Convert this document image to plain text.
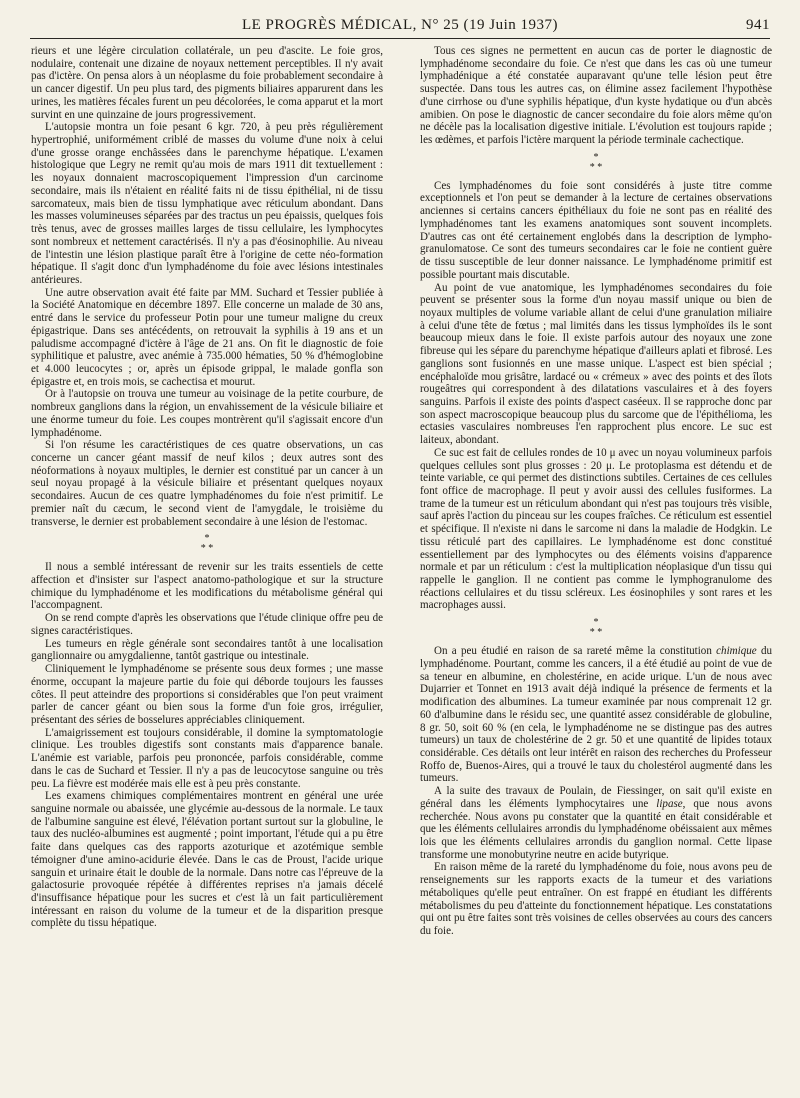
LE PROGRÈS MÉDICAL, N° 25 (19 Juin 1937)	941

rieurs et une légère circulation collatérale, un peu d'ascite. Le foie gros, nodulaire, contenait une dizaine de noyaux nettement perceptibles. Il n'y avait pas d'ictère. On pensa alors à un néoplasme du foie probablement secondaire à un cancer digestif. Un peu plus tard, des pigments biliaires apparurent dans les urines, les matières fécales furent un peu décolorées, le coma apparut et la mort survint en une quinzaine de jours progressivement.

L'autopsie montra un foie pesant 6 kgr. 720, à peu près régulièrement hypertrophié, uniformément criblé de masses du volume d'une noix à celui d'une grosse orange enchâssées dans le parenchyme hépatique. L'examen histologique que Legry ne remit qu'au mois de mars 1911 dit textuellement : les noyaux donnaient macroscopiquement l'impression d'un carcinome secondaire, mais ils n'étaient en réalité faits ni de tissu épithélial, ni de tissu sarcomateux, mais bien de tissu lymphatique avec réticulum abondant. Dans les masses volumineuses séparées par des tractus un peu épaissis, quelques fois très tenus, avec de grosses mailles larges de tissu cellulaire, les lymphocytes sont nombreux et nettement caractérisés. Il n'y a pas d'éosinophilie. Au niveau de l'intestin une lésion plastique paraît être à l'origine de cette néo-formation hépatique. Il s'agit donc d'un lymphadénome du foie avec lésions intestinales antérieures.

Une autre observation avait été faite par MM. Suchard et Tessier publiée à la Société Anatomique en décembre 1897. Elle concerne un malade de 30 ans, entré dans le service du professeur Potin pour une tumeur maligne du creux épigastrique. Dans ses antécédents, on retrouvait la syphilis à 19 ans et un paludisme accompagné d'ictère à l'âge de 21 ans. On fit le diagnostic de foie syphilitique et palustre, avec anémie à 735.000 hématies, 50 % d'hémoglobine et 4.000 leucocytes ; or, après un épisode grippal, le malade gonfla son épigastre et, en trois mois, se cachectisa et mourut.

Or à l'autopsie on trouva une tumeur au voisinage de la petite courbure, de nombreux ganglions dans la région, un envahissement de la vésicule biliaire et une énorme tumeur du foie. Les coupes montrèrent qu'il s'agissait encore d'un lymphadénome.

Si l'on résume les caractéristiques de ces quatre observations, un cas concerne un cancer géant massif de neuf kilos ; deux autres sont des néoformations à noyaux multiples, le dernier est constitué par un cancer à un seul noyau propagé à la vésicule biliaire et présentant quelques noyaux secondaires. Aucun de ces quatre lymphadénomes du foie n'est primitif. Le premier naît du cæcum, le second vient de l'amygdale, le troisième du transverse, le dernier est probablement secondaire à une lésion de l'estomac.

*
* *

Il nous a semblé intéressant de revenir sur les traits essentiels de cette affection et d'insister sur l'aspect anatomo-pathologique et sur la structure chimique du lymphadénome et les modifications du métabolisme général qui l'accompagnent.

On se rend compte d'après les observations que l'étude clinique offre peu de signes caractéristiques.

Les tumeurs en règle générale sont secondaires tantôt à une localisation ganglionnaire ou amygdalienne, tantôt gastrique ou intestinale.

Cliniquement le lymphadénome se présente sous deux formes ; une masse énorme, occupant la majeure partie du foie qui déborde toujours les fausses côtes. Il peut atteindre des proportions si considérables que l'on peut vraiment parler de cancer géant ou bien sous la forme d'un foie gros, irrégulier, présentant des séries de bosselures appréciables cliniquement.

L'amaigrissement est toujours considérable, il domine la symptomatologie clinique. Les troubles digestifs sont constants mais d'apparence banale. L'anémie est variable, parfois peu prononcée, parfois considérable, comme dans le cas de Suchard et Tessier. Il n'y a pas de leucocytose sanguine ou très peu. La fièvre est modérée mais elle est à peu près constante.

Les examens chimiques complémentaires montrent en général une urée sanguine normale ou abaissée, une glycémie au-dessous de la normale. Le taux de l'albumine sanguine est élevé, l'élévation portant surtout sur la globuline, le taux des nucléo-albumines est augmenté ; point important, l'étude qui a pu être faite dans quelques cas des rapports azoturique et azotémique semble témoigner d'une amino-acidurie élevée. Dans le cas de Proust, l'acide urique sanguin et urinaire était le double de la normale. Dans notre cas l'épreuve de la galactosurie provoquée répétée à différentes reprises n'a jamais décelé d'insuffisance hépatique pour les sucres et c'est là un fait particulièrement intéressant en raison du volume de la tumeur et de la disparition presque complète du tissu hépatique.

Tous ces signes ne permettent en aucun cas de porter le diagnostic de lymphadénome secondaire du foie. Ce n'est que dans les cas où une tumeur lymphadénique a été constatée auparavant qu'une telle lésion peut être suspectée. Dans tous les autres cas, on élimine assez facilement l'hypothèse d'une cirrhose ou d'une syphilis hépatique, d'un kyste hydatique ou d'un abcès amibien. On pose le diagnostic de cancer secondaire du foie alors même qu'on ne décèle pas la localisation digestive initiale. L'évolution est toujours rapide ; les œdèmes, et parfois l'ictère marquent la période terminale cachectique.

*
* *

Ces lymphadénomes du foie sont considérés à juste titre comme exceptionnels et l'on peut se demander à la lecture de certaines observations anciennes si certains cancers épithéliaux du foie ne sont pas en réalité des lymphadénomes tant les examens anatomiques sont souvent incomplets. D'autres cas ont été certainement englobés dans la description de lympho-granulomatose. Ce sont des tumeurs secondaires car le foie ne contient guère de tissu susceptible de leur donner naissance. Le lymphadénome primitif est possible pourtant mais discutable.

Au point de vue anatomique, les lymphadénomes secondaires du foie peuvent se présenter sous la forme d'un noyau massif unique ou bien de noyaux multiples de volume variable allant de celui d'une granulation miliaire à celui d'une tête de fœtus ; mal limités dans les tissus lymphoïdes ils le sont beaucoup mieux dans le foie. Il existe parfois autour des noyaux une zone fibreuse qui les sépare du parenchyme hépatique d'ailleurs aplati et fibrosé. Les ganglions sont fusionnés en une masse unique. L'aspect est bien spécial ; encéphaloïde mou grisâtre, lardacé ou « crémeux » avec des points et des îlots rougeâtres qui correspondent à des dilatations vasculaires et à des foyers sanguins. Parfois il existe des points d'aspect caséeux. Il se rapproche donc par son aspect macroscopique beaucoup plus du sarcome que de l'épithélioma, les ectasies vasculaires nombreuses l'en rapprochent plus encore. Le suc est laiteux, abondant.

Ce suc est fait de cellules rondes de 10 μ avec un noyau volumineux parfois quelques cellules sont plus grosses : 20 μ. Le protoplasma est détendu et de teinte variable, ce qui permet des distinctions subtiles. Certaines de ces cellules font office de macrophage. Il peut y avoir aussi des cellules fusiformes. La trame de la tumeur est un réticulum abondant qui n'est pas toujours très visible, sauf après l'action du pinceau sur les coupes fraîches. Ce réticulum est essentiel et spécifique. Il n'existe ni dans le sarcome ni dans la maladie de Hodgkin. Le tissu réticulé part des capillaires. Le lymphadénome est donc constitué essentiellement par des lymphocytes ou des éléments voisins d'apparence normale et par un réticulum : c'est la multiplication néoplasique d'un tissu qui rappelle le ganglion. Il ne contient pas comme le lymphogranulome des réactions cellulaires et du tissu scléreux. Les éosinophiles y sont rares et les macrophages aussi.

*
* *

On a peu étudié en raison de sa rareté même la constitution chimique du lymphadénome. Pourtant, comme les cancers, il a été étudié au point de vue de sa teneur en albumine, en cholestérine, en acide urique. L'un de nous avec Dujarrier et Tonnet en 1913 avait déjà indiqué la présence de ferments et la modification des albumines. La tumeur examinée par nous comprenait 12 gr. 60 d'albumine dans le résidu sec, une quantité assez considérable de globuline, 8 gr. 50, soit 60 % (en cela, le lymphadénome ne se distingue pas des autres tumeurs) un taux de cholestérine de 2 gr. 50 et une quantité de lipides totaux considérable. Ces détails ont leur intérêt en raison des recherches du Professeur Roffo de, Buenos-Aires, qui a trouvé le taux du cholestérol augmenté dans les tumeurs.

A la suite des travaux de Poulain, de Fiessinger, on sait qu'il existe en général dans les éléments lymphocytaires une lipase, que nous avons recherchée. Nous avons pu constater que la quantité en était considérable et que les éléments cellulaires arrondis du lymphadénome obéissaient aux mêmes lois que les éléments cellulaires arrondis du ganglion normal. Cette lipase transforme une monobutyrine neutre en acide butyrique.

En raison même de la rareté du lymphadénome du foie, nous avons peu de renseignements sur les rapports exacts de la tumeur et des variations métaboliques qu'elle peut entraîner. On est frappé en étudiant les différents métabolismes du peu d'atteinte du fonctionnement hépatique. Les constatations qui ont pu être faites sont très voisines de celles observées au cours des cancers du foie.
